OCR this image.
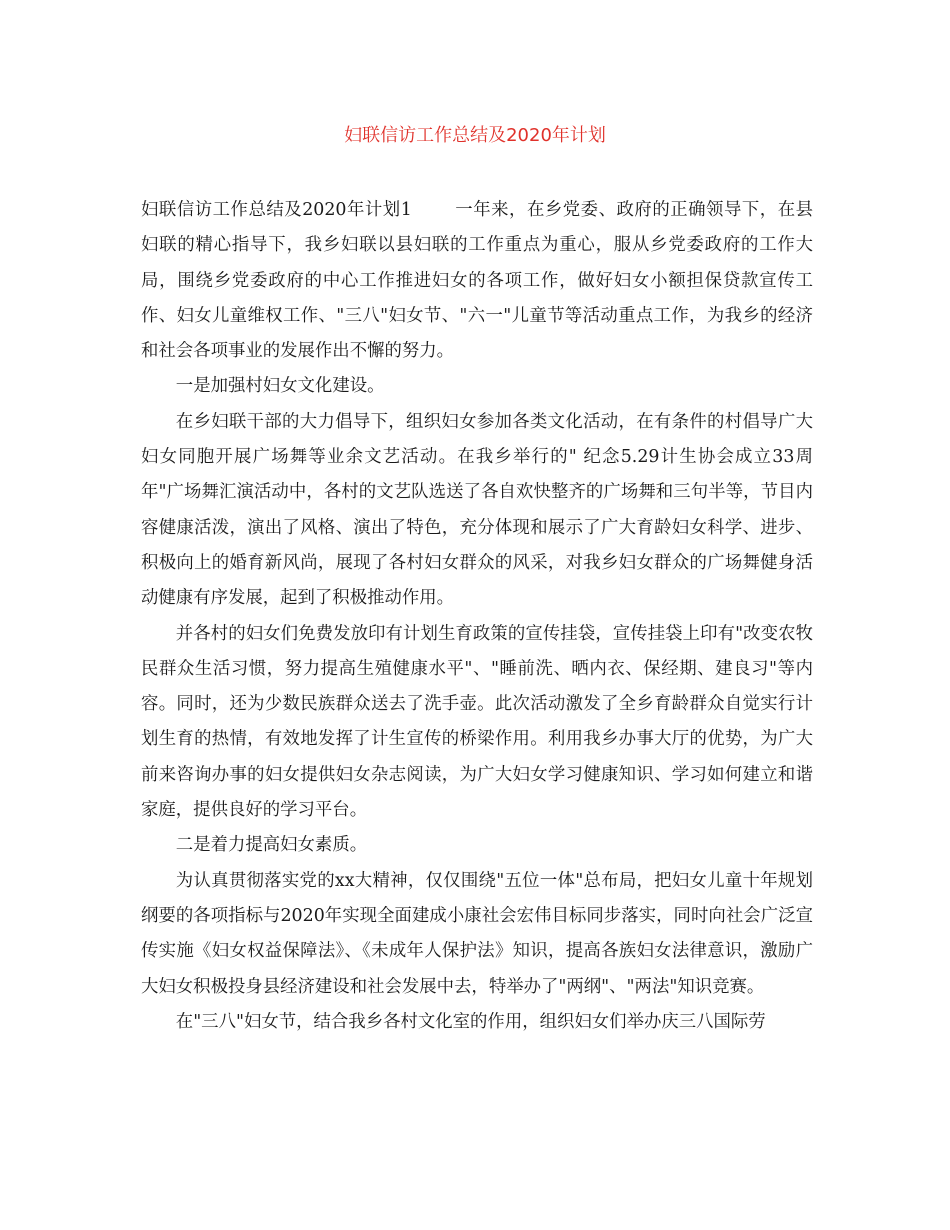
妇联信访工作总结及2020年计划

妇联信访工作总结及2020年计划1 一年来，在乡党委、政府的正确领导下，在县妇联的精心指导下，我乡妇联以县妇联的工作重点为重心，服从乡党委政府的工作大局，围绕乡党委政府的中心工作推进妇女的各项工作，做好妇女小额担保贷款宣传工作、妇女儿童维权工作、"三八"妇女节、"六一"儿童节等活动重点工作，为我乡的经济和社会各项事业的发展作出不懈的努力。

一是加强村妇女文化建设。

在乡妇联干部的大力倡导下，组织妇女参加各类文化活动，在有条件的村倡导广大妇女同胞开展广场舞等业余文艺活动。在我乡举行的" 纪念5.29计生协会成立33周年"广场舞汇演活动中，各村的文艺队选送了各自欢快整齐的广场舞和三句半等，节目内容健康活泼，演出了风格、演出了特色，充分体现和展示了广大育龄妇女科学、进步、积极向上的婚育新风尚，展现了各村妇女群众的风采，对我乡妇女群众的广场舞健身活动健康有序发展，起到了积极推动作用。

并各村的妇女们免费发放印有计划生育政策的宣传挂袋，宣传挂袋上印有"改变农牧民群众生活习惯，努力提高生殖健康水平"、"睡前洗、晒内衣、保经期、建良习"等内容。同时，还为少数民族群众送去了洗手壶。此次活动激发了全乡育龄群众自觉实行计划生育的热情，有效地发挥了计生宣传的桥梁作用。利用我乡办事大厅的优势，为广大前来咨询办事的妇女提供妇女杂志阅读，为广大妇女学习健康知识、学习如何建立和谐家庭，提供良好的学习平台。

二是着力提高妇女素质。

为认真贯彻落实党的xx大精神，仅仅围绕"五位一体"总布局，把妇女儿童十年规划纲要的各项指标与2020年实现全面建成小康社会宏伟目标同步落实，同时向社会广泛宣传实施《妇女权益保障法》、《未成年人保护法》知识，提高各族妇女法律意识，激励广大妇女积极投身县经济建设和社会发展中去，特举办了"两纲"、"两法"知识竞赛。

在"三八"妇女节，结合我乡各村文化室的作用，组织妇女们举办庆三八国际劳
